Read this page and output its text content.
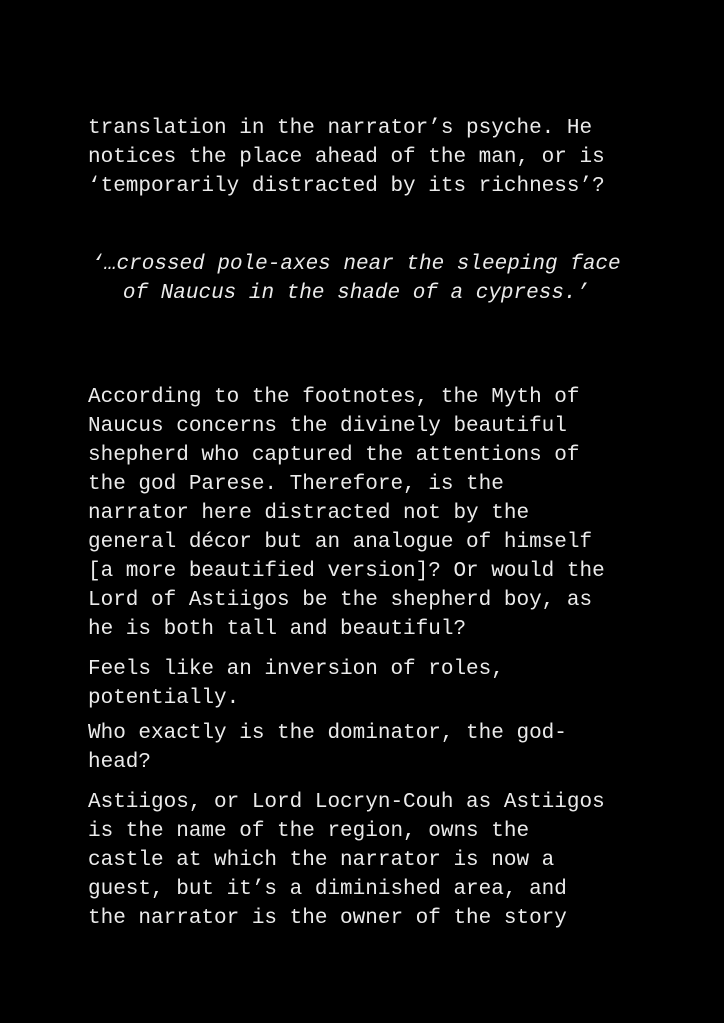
translation in the narrator’s psyche. He
notices the place ahead of the man, or is
‘temporarily distracted by its richness’?

‘…crossed pole-axes near the sleeping face of Naucus in the shade of a cypress.’

According to the footnotes, the Myth of
Naucus concerns the divinely beautiful
shepherd who captured the attentions of
the god Parese. Therefore, is the
narrator here distracted not by the
general décor but an analogue of himself
[a more beautified version]? Or would the
Lord of Astiigos be the shepherd boy, as
he is both tall and beautiful?

Feels like an inversion of roles,
potentially.

Who exactly is the dominator, the god-
head?

Astiigos, or Lord Locryn-Couh as Astiigos
is the name of the region, owns the
castle at which the narrator is now a
guest, but it’s a diminished area, and
the narrator is the owner of the story
